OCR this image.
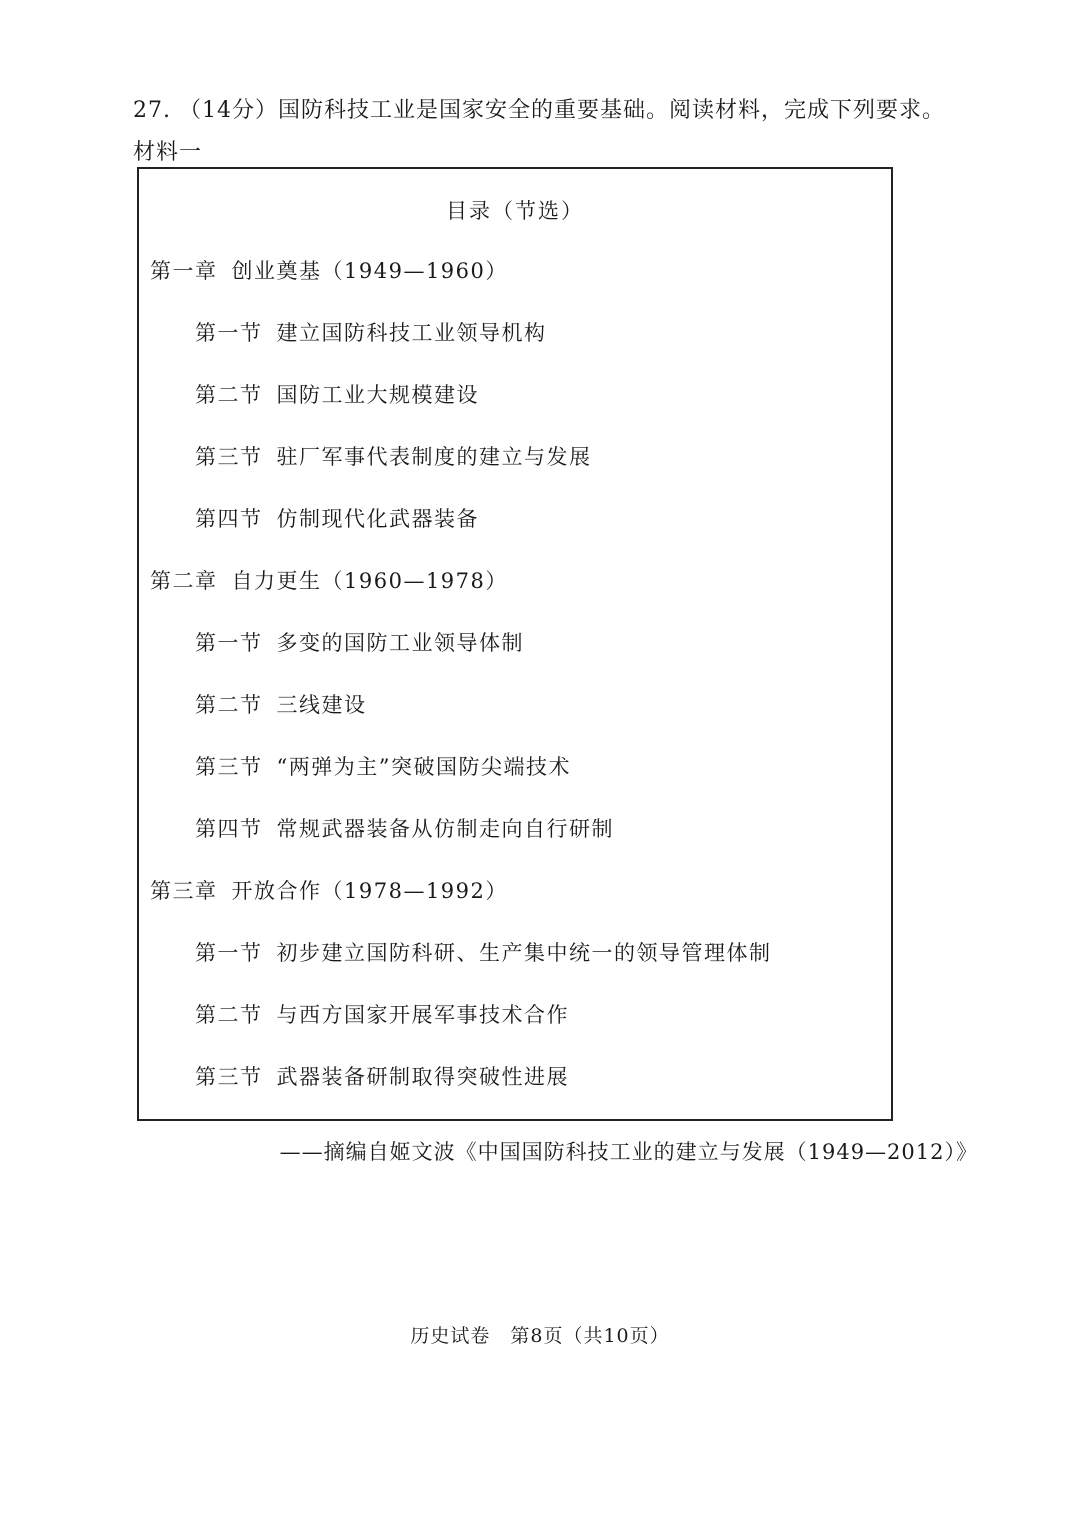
27. （14分）国防科技工业是国家安全的重要基础。阅读材料，完成下列要求。
材料一
目录（节选）
第一章 创业奠基（1949—1960）
第一节 建立国防科技工业领导机构
第二节 国防工业大规模建设
第三节 驻厂军事代表制度的建立与发展
第四节 仿制现代化武器装备
第二章 自力更生（1960—1978）
第一节 多变的国防工业领导体制
第二节 三线建设
第三节 “两弹为主”突破国防尖端技术
第四节 常规武器装备从仿制走向自行研制
第三章 开放合作（1978—1992）
第一节 初步建立国防科研、生产集中统一的领导管理体制
第二节 与西方国家开展军事技术合作
第三节 武器装备研制取得突破性进展
——摘编自姬文波《中国国防科技工业的建立与发展（1949—2012）》
历史试卷　第8页（共10页）
